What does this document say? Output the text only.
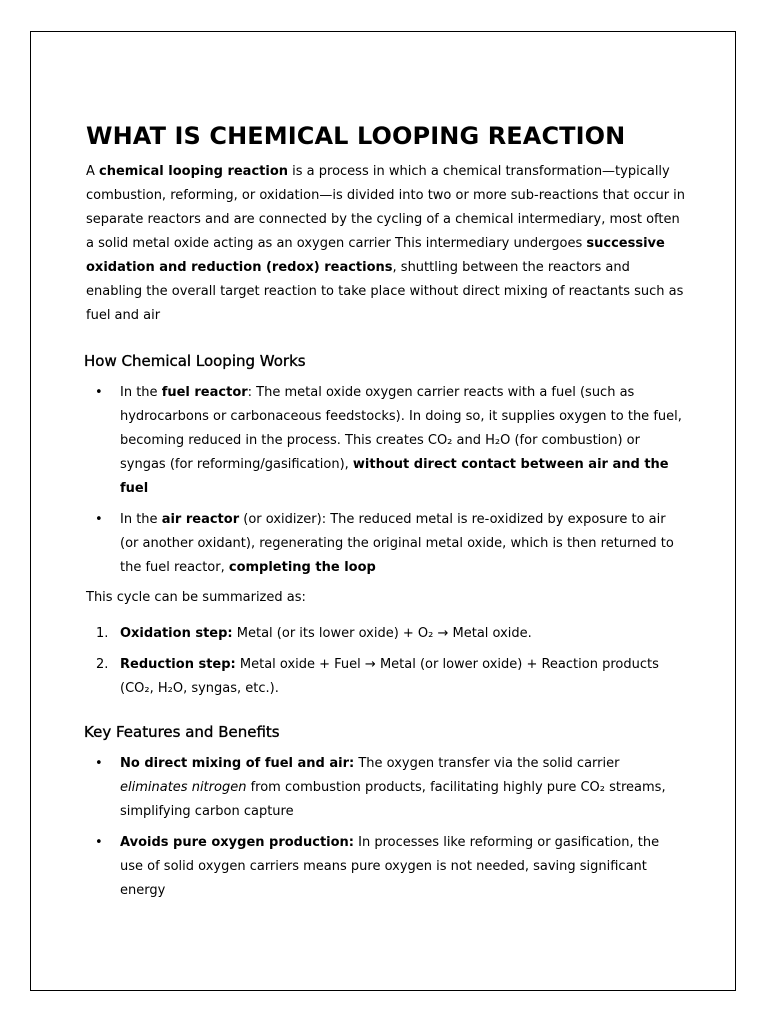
WHAT IS CHEMICAL LOOPING REACTION

A chemical looping reaction is a process in which a chemical transformation—typically combustion, reforming, or oxidation—is divided into two or more sub-reactions that occur in separate reactors and are connected by the cycling of a chemical intermediary, most often a solid metal oxide acting as an oxygen carrier This intermediary undergoes successive oxidation and reduction (redox) reactions, shuttling between the reactors and enabling the overall target reaction to take place without direct mixing of reactants such as fuel and air

How Chemical Looping Works
• In the fuel reactor: The metal oxide oxygen carrier reacts with a fuel (such as hydrocarbons or carbonaceous feedstocks). In doing so, it supplies oxygen to the fuel, becoming reduced in the process. This creates CO₂ and H₂O (for combustion) or syngas (for reforming/gasification), without direct contact between air and the fuel
• In the air reactor (or oxidizer): The reduced metal is re-oxidized by exposure to air (or another oxidant), regenerating the original metal oxide, which is then returned to the fuel reactor, completing the loop

This cycle can be summarized as:

1. Oxidation step: Metal (or its lower oxide) + O₂ → Metal oxide.
2. Reduction step: Metal oxide + Fuel → Metal (or lower oxide) + Reaction products (CO₂, H₂O, syngas, etc.).
Key Features and Benefits
• No direct mixing of fuel and air: The oxygen transfer via the solid carrier eliminates nitrogen from combustion products, facilitating highly pure CO₂ streams, simplifying carbon capture
• Avoids pure oxygen production: In processes like reforming or gasification, the use of solid oxygen carriers means pure oxygen is not needed, saving significant energy
